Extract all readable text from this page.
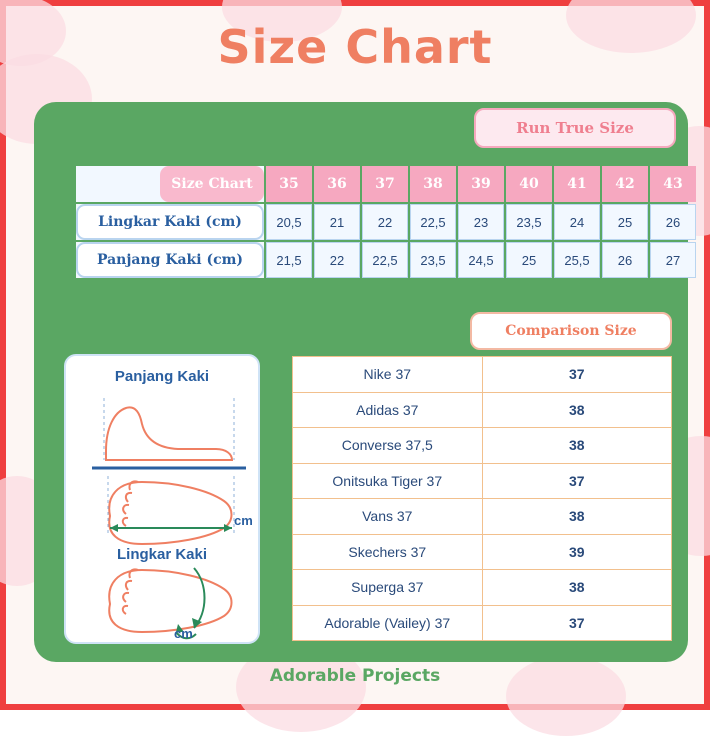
Size Chart
Run True Size
Comparison Size
Size Chart	35	36	37	38	39	40	41	42	43

Lingkar Kaki (cm)	20,5	21	22	22,5	23	23,5	24	25	26

Panjang Kaki (cm)	21,5	22	22,5	23,5	24,5	25	25,5	26	27
Nike 37	37
Adidas 37	38
Converse 37,5	38
Onitsuka Tiger 37	37
Vans 37	38
Skechers 37	39
Superga 37	38
Adorable (Vailey) 37	37
Panjang Kaki
Lingkar Kaki
cm
cm
Adorable Projects
